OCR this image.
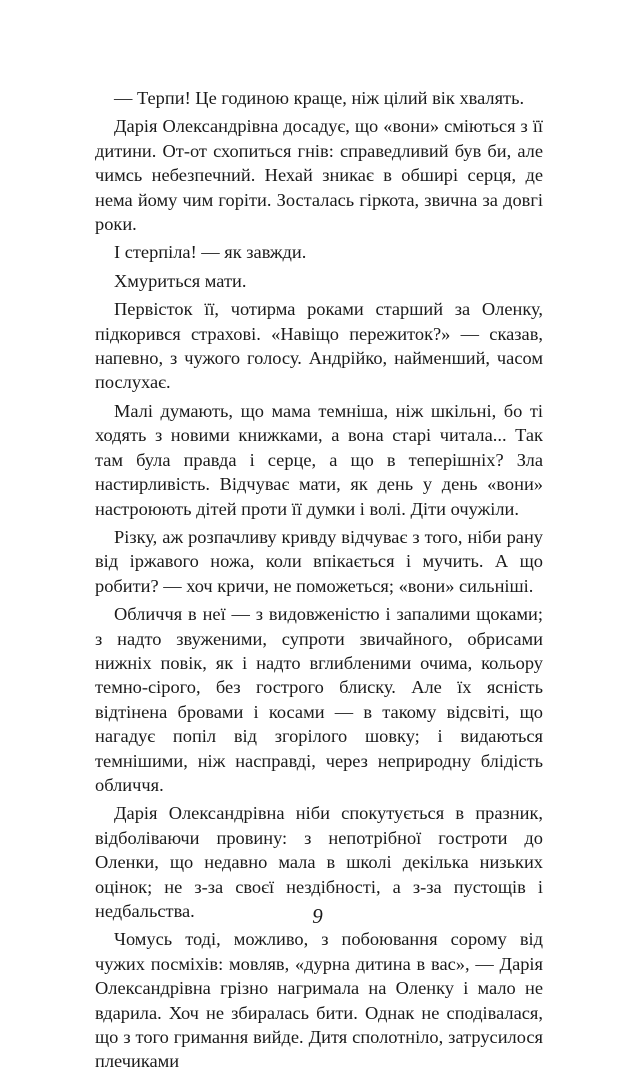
— Терпи! Це годиною краще, ніж цілий вік хвалять.

Дарія Олександрівна досадує, що «вони» сміються з її дитини. От-от схопиться гнів: справедливий був би, але чимсь небезпечний. Нехай зникає в обширі серця, де нема йому чим горіти. Зосталась гіркота, звична за довгі роки.

І стерпіла! — як завжди.

Хмуриться мати.

Первісток її, чотирма роками старший за Оленку, підкорився страхові. «Навіщо пережиток?» — сказав, напевно, з чужого голосу. Андрійко, найменший, часом послухає.

Малі думають, що мама темніша, ніж шкільні, бо ті ходять з новими книжками, а вона старі читала... Так там була правда і серце, а що в теперішніх? Зла настирливість. Відчуває мати, як день у день «вони» настроюють дітей проти її думки і волі. Діти очужіли.

Різку, аж розпачливу кривду відчуває з того, ніби рану від іржавого ножа, коли впікається і мучить. А що робити? — хоч кричи, не поможеться; «вони» сильніші.

Обличчя в неї — з видовженістю і запалими щоками; з надто звуженими, супроти звичайного, обрисами нижніх повік, як і надто вглибленими очима, кольору темно-сірого, без гострого блиску. Але їх ясність відтінена бровами і косами — в такому відсвіті, що нагадує попіл від згорілого шовку; і видаються темнішими, ніж насправді, через неприродну блідість обличчя.

Дарія Олександрівна ніби спокутується в празник, відболіваючи провину: з непотрібної гостроти до Оленки, що недавно мала в школі декілька низьких оцінок; не з-за своєї нездібності, а з-за пустощів і недбальства.

Чомусь тоді, можливо, з побоювання сорому від чужих посміхів: мовляв, «дурна дитина в вас», — Дарія Олександрівна грізно нагримала на Оленку і мало не вдарила. Хоч не збиралась бити. Однак не сподівалася, що з того гримання вийде. Дитя сполотніло, затрусилося плечиками

9
